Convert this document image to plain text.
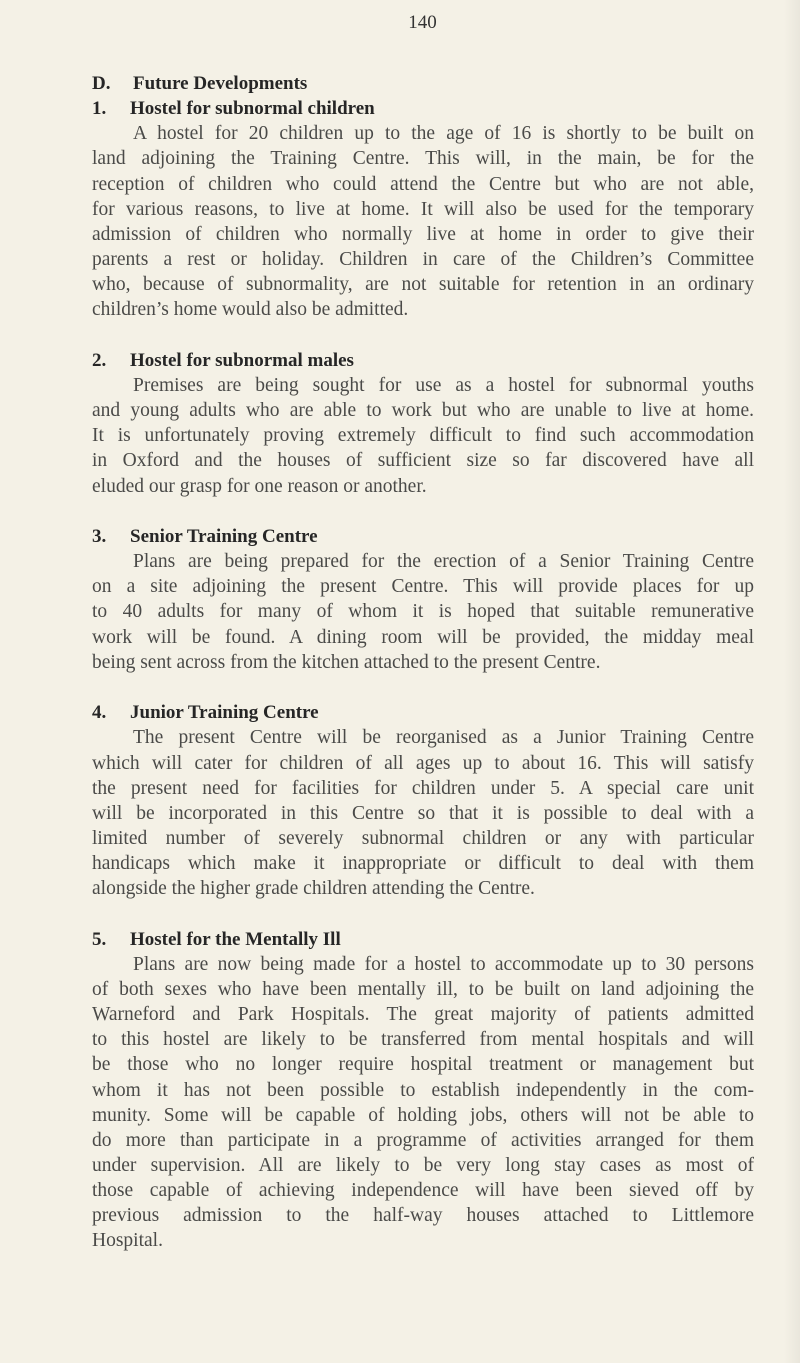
140
D. Future Developments
1. Hostel for subnormal children
A hostel for 20 children up to the age of 16 is shortly to be built on
land adjoining the Training Centre. This will, in the main, be for the
reception of children who could attend the Centre but who are not able,
for various reasons, to live at home. It will also be used for the temporary
admission of children who normally live at home in order to give their
parents a rest or holiday. Children in care of the Children’s Committee
who, because of subnormality, are not suitable for retention in an ordinary
children’s home would also be admitted.
2. Hostel for subnormal males
Premises are being sought for use as a hostel for subnormal youths
and young adults who are able to work but who are unable to live at home.
It is unfortunately proving extremely difficult to find such accommodation
in Oxford and the houses of sufficient size so far discovered have all
eluded our grasp for one reason or another.
3. Senior Training Centre
Plans are being prepared for the erection of a Senior Training Centre
on a site adjoining the present Centre. This will provide places for up
to 40 adults for many of whom it is hoped that suitable remunerative
work will be found. A dining room will be provided, the midday meal
being sent across from the kitchen attached to the present Centre.
4. Junior Training Centre
The present Centre will be reorganised as a Junior Training Centre
which will cater for children of all ages up to about 16. This will satisfy
the present need for facilities for children under 5. A special care unit
will be incorporated in this Centre so that it is possible to deal with a
limited number of severely subnormal children or any with particular
handicaps which make it inappropriate or difficult to deal with them
alongside the higher grade children attending the Centre.
5. Hostel for the Mentally Ill
Plans are now being made for a hostel to accommodate up to 30 persons
of both sexes who have been mentally ill, to be built on land adjoining the
Warneford and Park Hospitals. The great majority of patients admitted
to this hostel are likely to be transferred from mental hospitals and will
be those who no longer require hospital treatment or management but
whom it has not been possible to establish independently in the com-
munity. Some will be capable of holding jobs, others will not be able to
do more than participate in a programme of activities arranged for them
under supervision. All are likely to be very long stay cases as most of
those capable of achieving independence will have been sieved off by
previous admission to the half-way houses attached to Littlemore
Hospital.
